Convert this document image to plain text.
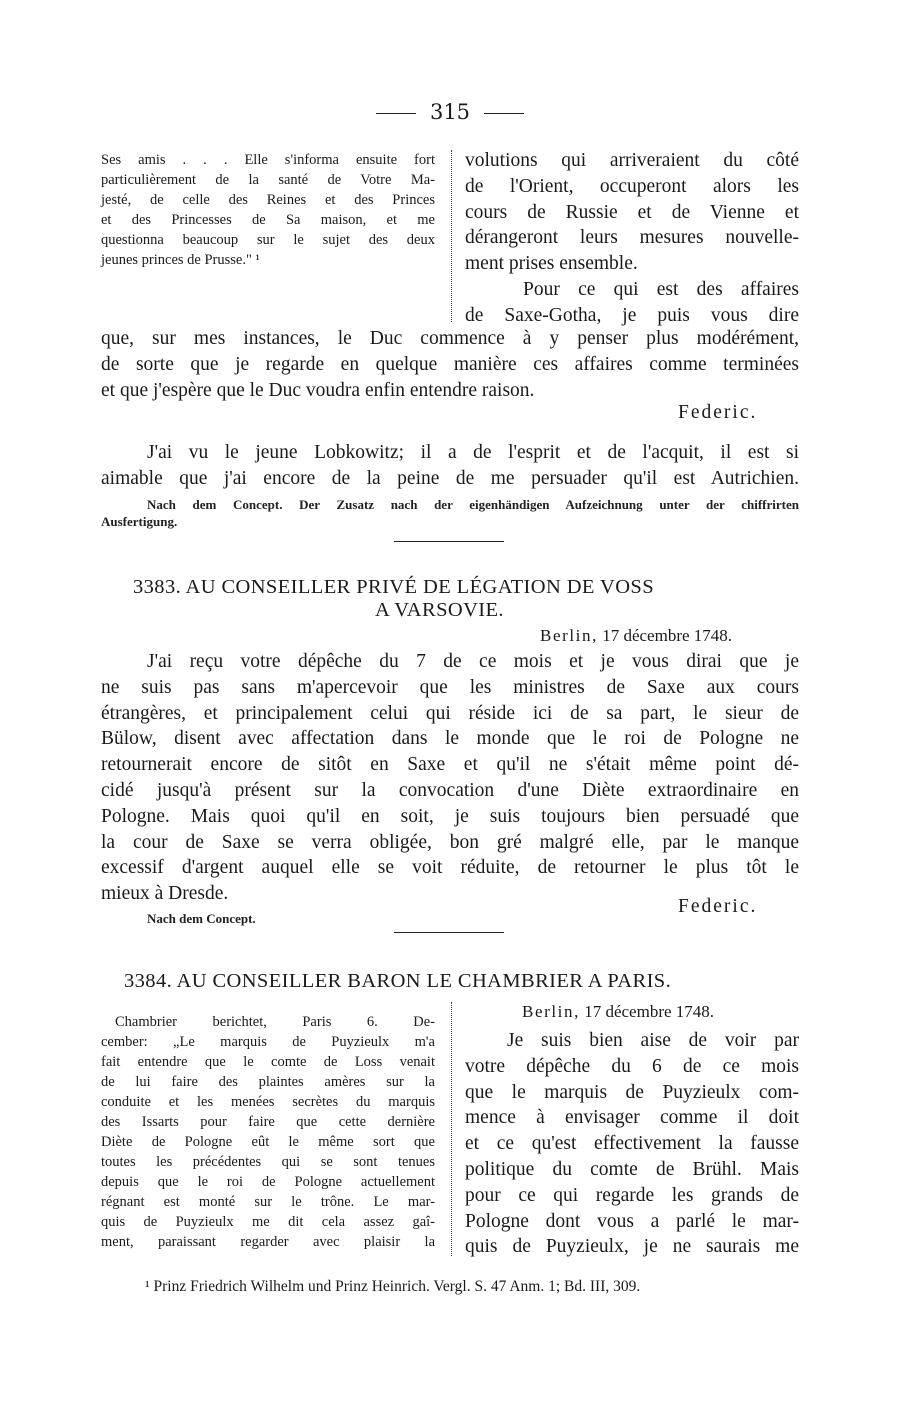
315
Ses amis . . . Elle s'informa ensuite fort
particulièrement de la santé de Votre Ma-
jesté, de celle des Reines et des Princes
et des Princesses de Sa maison, et me
questionna beaucoup sur le sujet des deux
jeunes princes de Prusse." ¹
volutions qui arriveraient du côté
de l'Orient, occuperont alors les
cours de Russie et de Vienne et
dérangeront leurs mesures nouvelle-
ment prises ensemble.
Pour ce qui est des affaires
de Saxe-Gotha, je puis vous dire
que, sur mes instances, le Duc commence à y penser plus modérément,
de sorte que je regarde en quelque manière ces affaires comme terminées
et que j'espère que le Duc voudra enfin entendre raison.
Federic.
J'ai vu le jeune Lobkowitz; il a de l'esprit et de l'acquit, il est si
aimable que j'ai encore de la peine de me persuader qu'il est Autrichien.
Nach dem Concept. Der Zusatz nach der eigenhändigen Aufzeichnung unter der chiffrirten
Ausfertigung.
3383. AU CONSEILLER PRIVÉ DE LÉGATION DE VOSS
A VARSOVIE.
Berlin, 17 décembre 1748.
J'ai reçu votre dépêche du 7 de ce mois et je vous dirai que je
ne suis pas sans m'apercevoir que les ministres de Saxe aux cours
étrangères, et principalement celui qui réside ici de sa part, le sieur de
Bülow, disent avec affectation dans le monde que le roi de Pologne ne
retournerait encore de sitôt en Saxe et qu'il ne s'était même point dé-
cidé jusqu'à présent sur la convocation d'une Diète extraordinaire en
Pologne. Mais quoi qu'il en soit, je suis toujours bien persuadé que
la cour de Saxe se verra obligée, bon gré malgré elle, par le manque
excessif d'argent auquel elle se voit réduite, de retourner le plus tôt le
mieux à Dresde.
Federic.
Nach dem Concept.
3384. AU CONSEILLER BARON LE CHAMBRIER A PARIS.
Chambrier berichtet, Paris 6. De-
cember: „Le marquis de Puyzieulx m'a
fait entendre que le comte de Loss venait
de lui faire des plaintes amères sur la
conduite et les menées secrètes du marquis
des Issarts pour faire que cette dernière
Diète de Pologne eût le même sort que
toutes les précédentes qui se sont tenues
depuis que le roi de Pologne actuellement
régnant est monté sur le trône. Le mar-
quis de Puyzieulx me dit cela assez gaî-
ment, paraissant regarder avec plaisir la
Berlin, 17 décembre 1748.
Je suis bien aise de voir par
votre dépêche du 6 de ce mois
que le marquis de Puyzieulx com-
mence à envisager comme il doit
et ce qu'est effectivement la fausse
politique du comte de Brühl. Mais
pour ce qui regarde les grands de
Pologne dont vous a parlé le mar-
quis de Puyzieulx, je ne saurais me
¹ Prinz Friedrich Wilhelm und Prinz Heinrich. Vergl. S. 47 Anm. 1; Bd. III, 309.
